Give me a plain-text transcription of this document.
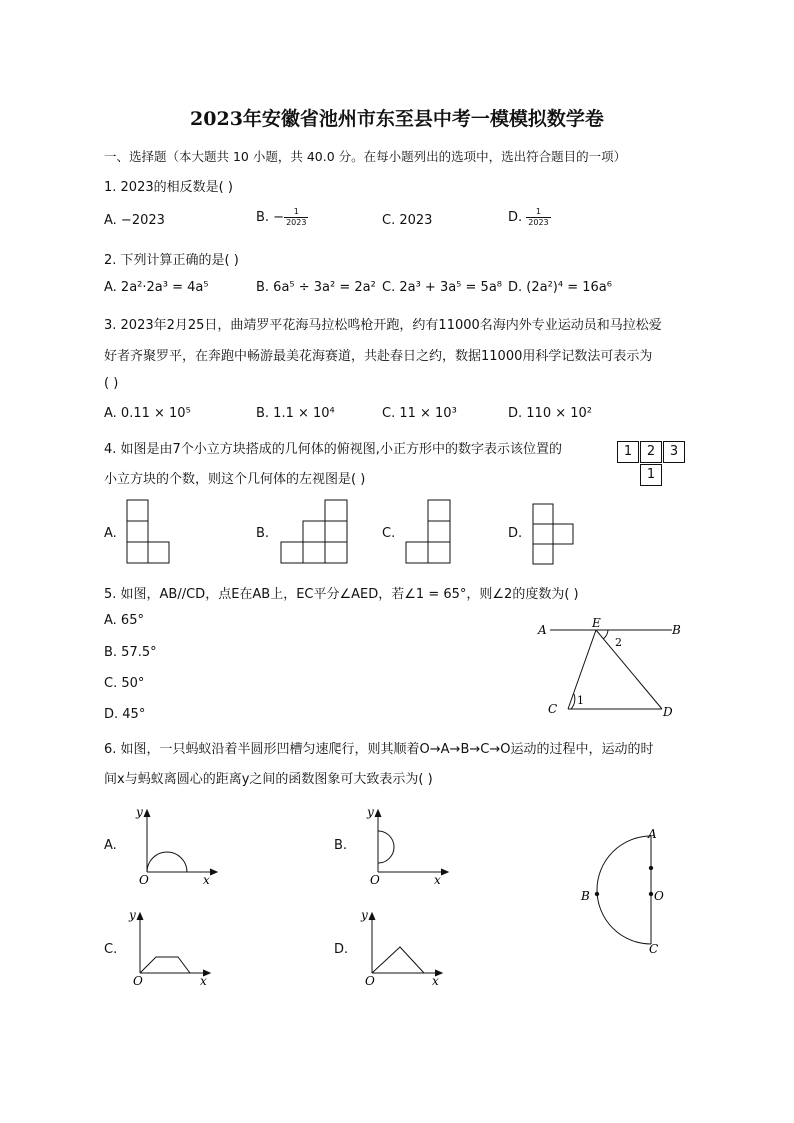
2023年安徽省池州市东至县中考一模模拟数学卷
一、选择题（本大题共 10 小题，共 40.0 分。在每小题列出的选项中，选出符合题目的一项）
1. 2023的相反数是( )
A. −2023	B. − $\frac{1}{2023}$	C. 2023	D. $\frac{1}{2023}$
2. 下列计算正确的是( )
A. 2a²·2a³ = 4a⁵	B. 6a⁵ ÷ 3a² = 2a² C. 2a³ + 3a⁵ = 5a⁸ D. (2a²)⁴ = 16a⁶
3. 2023年2月25日，曲靖罗平花海马拉松鸣枪开跑，约有11000名海内外专业运动员和马拉松爱
好者齐聚罗平，在奔跑中畅游最美花海赛道，共赴春日之约，数据11000用科学记数法可表示为
( )
A. 0.11 × 10⁵	B. 1.1 × 10⁴	C. 11 × 10³	D. 110 × 10²
4. 如图是由7个小立方块搭成的几何体的俯视图,小正方形中的数字表示该位置的
小立方块的个数，则这个几何体的左视图是( )
1	2	3
1
A.	B.	C.	D.
5. 如图，AB//CD，点E在AB上，EC平分∠AED，若∠1 = 65°，则∠2的度数为( )
A. 65°
B. 57.5°
C. 50°
D. 45°
A	E	B
C	D
1
2
6. 如图，一只蚂蚁沿着半圆形凹槽匀速爬行，则其顺着O→A→B→C→O运动的过程中，运动的时
间x与蚂蚁离圆心的距离y之间的函数图象可大致表示为( )
A.
y
O	x
B.
y
O	x
C.
y
O	x
D.
y
O	x
A
B	O
C
